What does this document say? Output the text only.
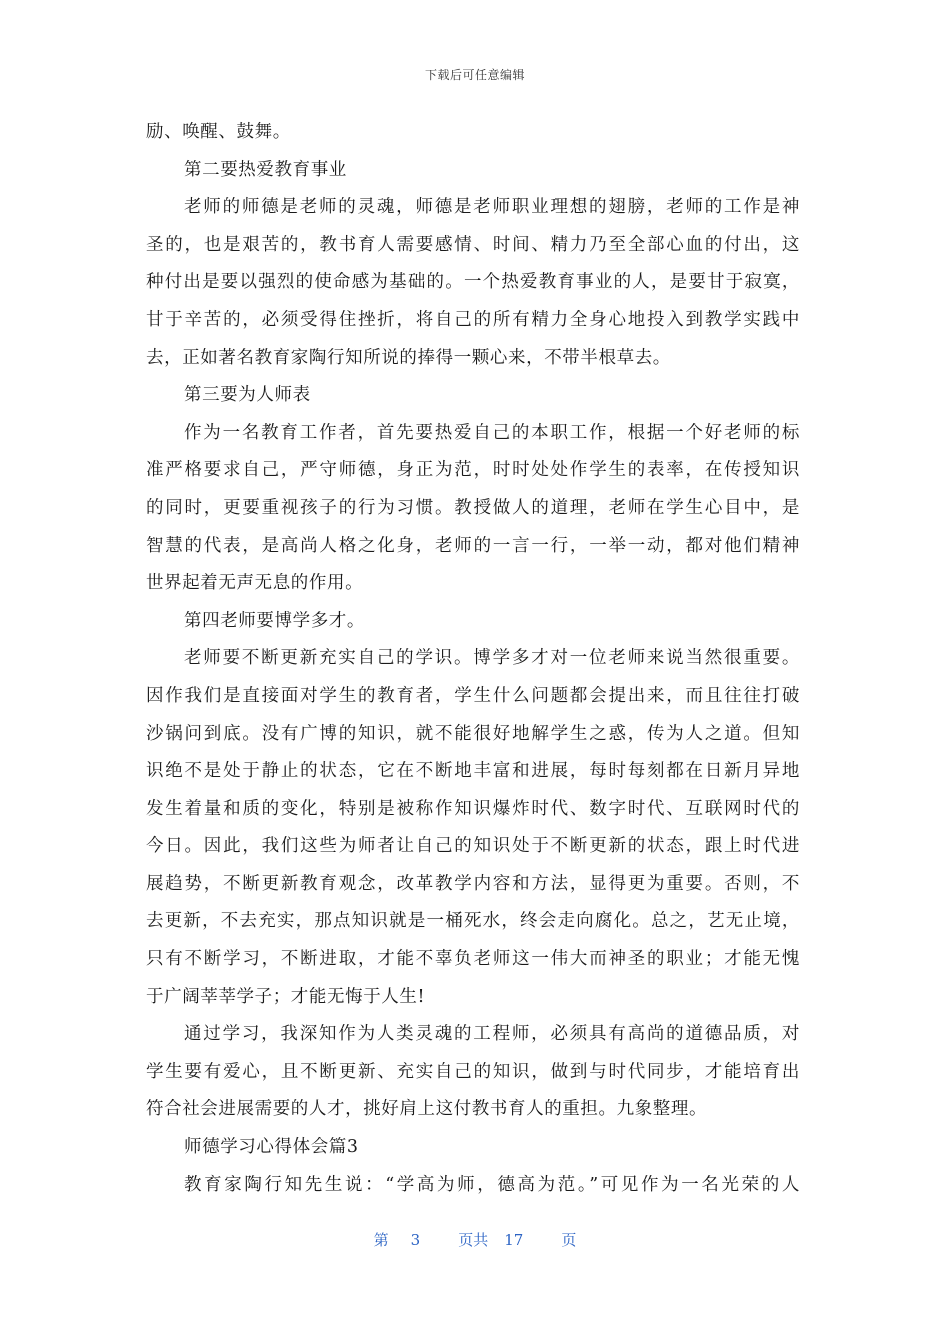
下载后可任意编辑
励、唤醒、鼓舞。
第二要热爱教育事业
老师的师德是老师的灵魂，师德是老师职业理想的翅膀，老师的工作是神
圣的，也是艰苦的，教书育人需要感情、时间、精力乃至全部心血的付出，这
种付出是要以强烈的使命感为基础的。一个热爱教育事业的人，是要甘于寂寞，
甘于辛苦的，必须受得住挫折，将自己的所有精力全身心地投入到教学实践中
去，正如著名教育家陶行知所说的捧得一颗心来，不带半根草去。
第三要为人师表
作为一名教育工作者，首先要热爱自己的本职工作，根据一个好老师的标
准严格要求自己，严守师德，身正为范，时时处处作学生的表率，在传授知识
的同时，更要重视孩子的行为习惯。教授做人的道理，老师在学生心目中，是
智慧的代表，是高尚人格之化身，老师的一言一行，一举一动，都对他们精神
世界起着无声无息的作用。
第四老师要博学多才。
老师要不断更新充实自己的学识。博学多才对一位老师来说当然很重要。
因作我们是直接面对学生的教育者，学生什么问题都会提出来，而且往往打破
沙锅问到底。没有广博的知识，就不能很好地解学生之惑，传为人之道。但知
识绝不是处于静止的状态，它在不断地丰富和进展，每时每刻都在日新月异地
发生着量和质的变化，特别是被称作知识爆炸时代、数字时代、互联网时代的
今日。因此，我们这些为师者让自己的知识处于不断更新的状态，跟上时代进
展趋势，不断更新教育观念，改革教学内容和方法，显得更为重要。否则，不
去更新，不去充实，那点知识就是一桶死水，终会走向腐化。总之，艺无止境，
只有不断学习，不断进取，才能不辜负老师这一伟大而神圣的职业；才能无愧
于广阔莘莘学子；才能无悔于人生!
通过学习，我深知作为人类灵魂的工程师，必须具有高尚的道德品质，对
学生要有爱心，且不断更新、充实自己的知识，做到与时代同步，才能培育出
符合社会进展需要的人才，挑好肩上这付教书育人的重担。九象整理。
师德学习心得体会篇3
教育家陶行知先生说：“学高为师，德高为范。”可见作为一名光荣的人
第 3	页共 17	页
